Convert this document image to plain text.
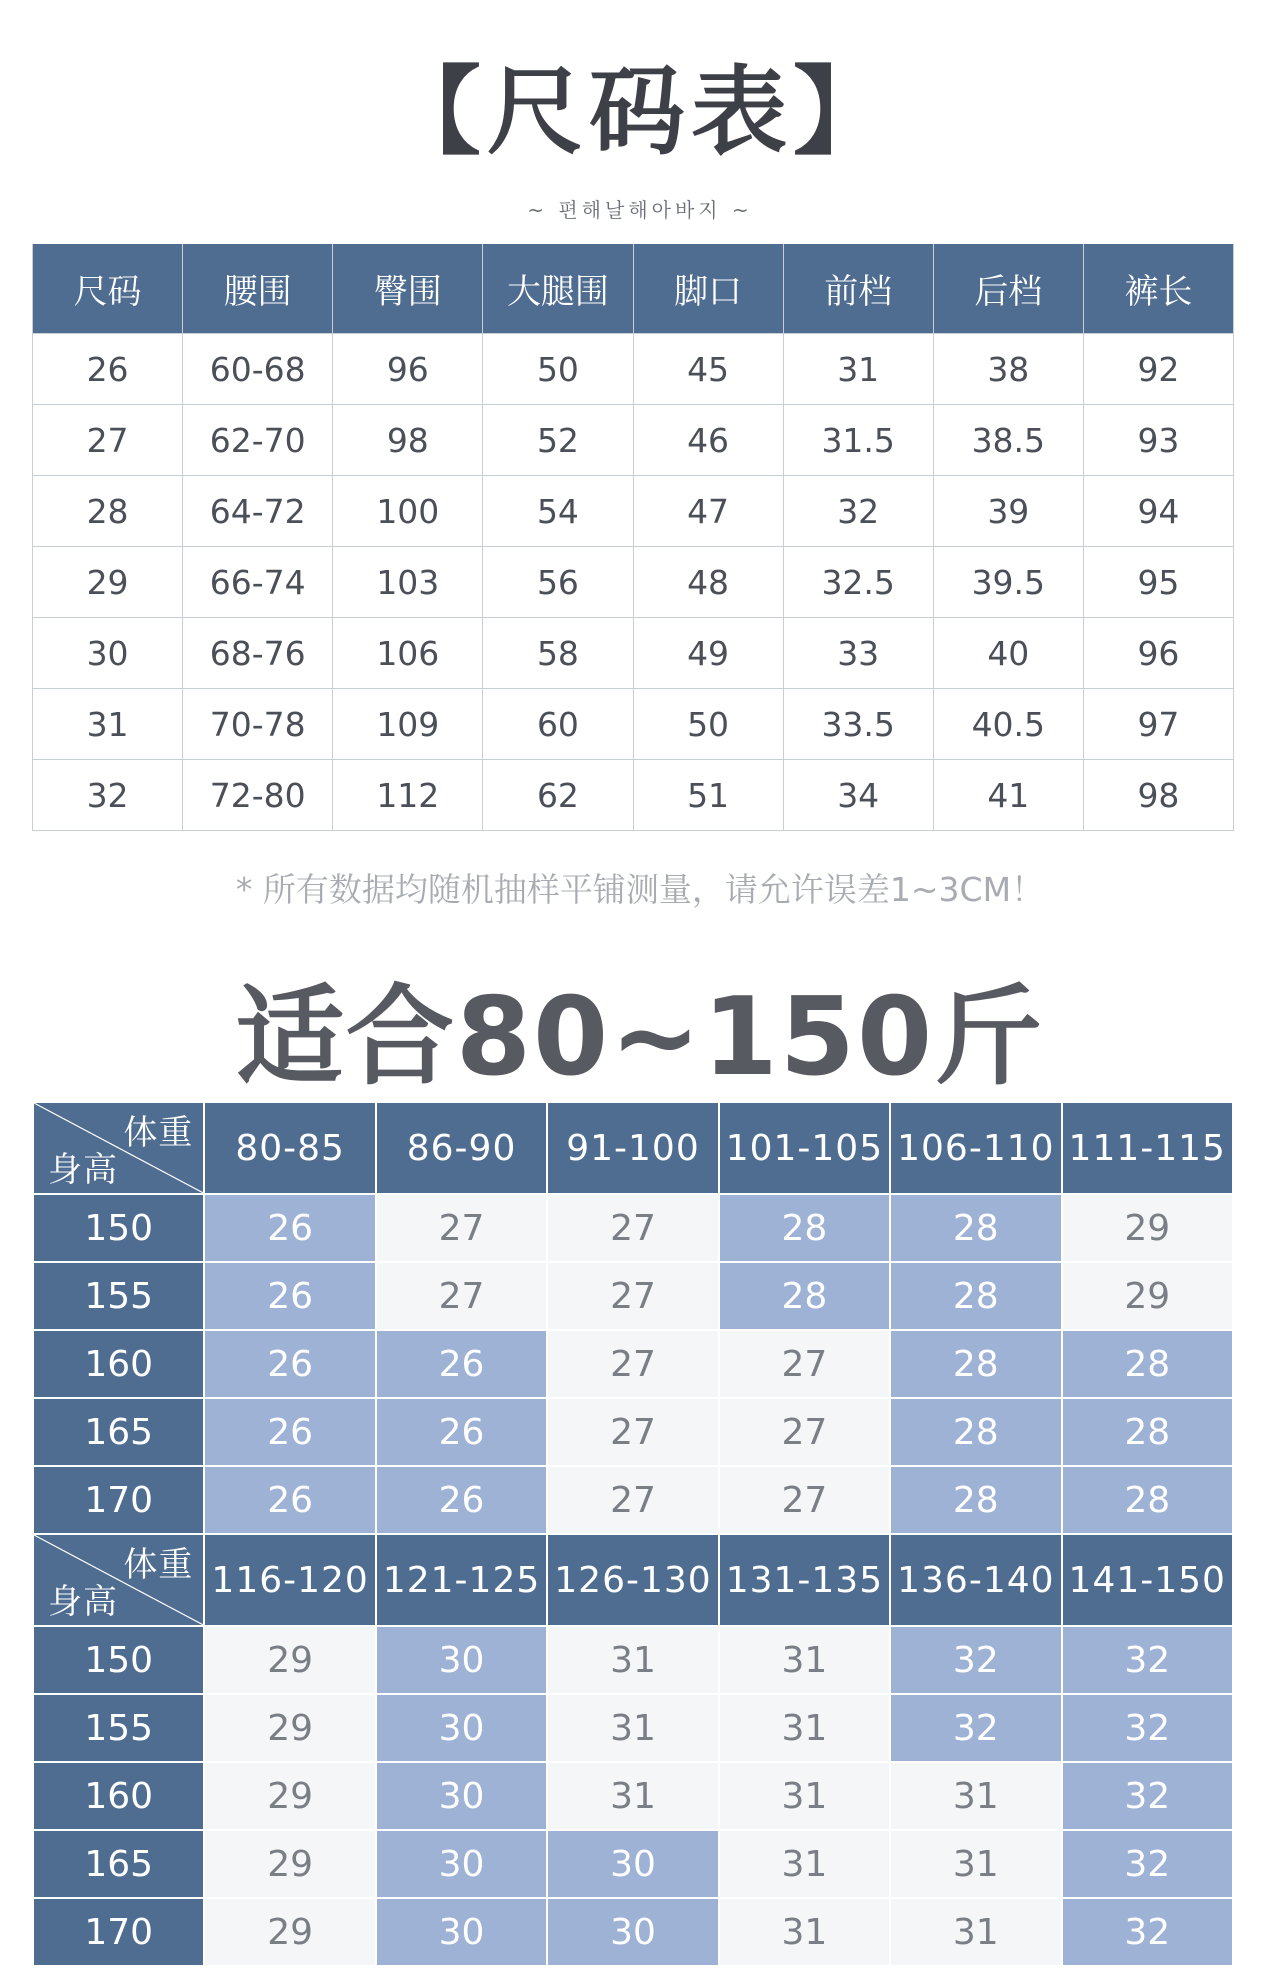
【尺码表】
~ 편해날해아바지 ~
尺码	腰围	臀围	大腿围	脚口	前档	后档	裤长
26	60-68	96	50	45	31	38	92
27	62-70	98	52	46	31.5	38.5	93
28	64-72	100	54	47	32	39	94
29	66-74	103	56	48	32.5	39.5	95
30	68-76	106	58	49	33	40	96
31	70-78	109	60	50	33.5	40.5	97
32	72-80	112	62	51	34	41	98
* 所有数据均随机抽样平铺测量，请允许误差1~3CM！
适合80~150斤
体重
身高	80-85	86-90	91-100	101-105	106-110	111-115
150	26	27	27	28	28	29
155	26	27	27	28	28	29
160	26	26	27	27	28	28
165	26	26	27	27	28	28
170	26	26	27	27	28	28

体重
身高	116-120	121-125	126-130	131-135	136-140	141-150
150	29	30	31	31	32	32
155	29	30	31	31	32	32
160	29	30	31	31	31	32
165	29	30	30	31	31	32
170	29	30	30	31	31	32
